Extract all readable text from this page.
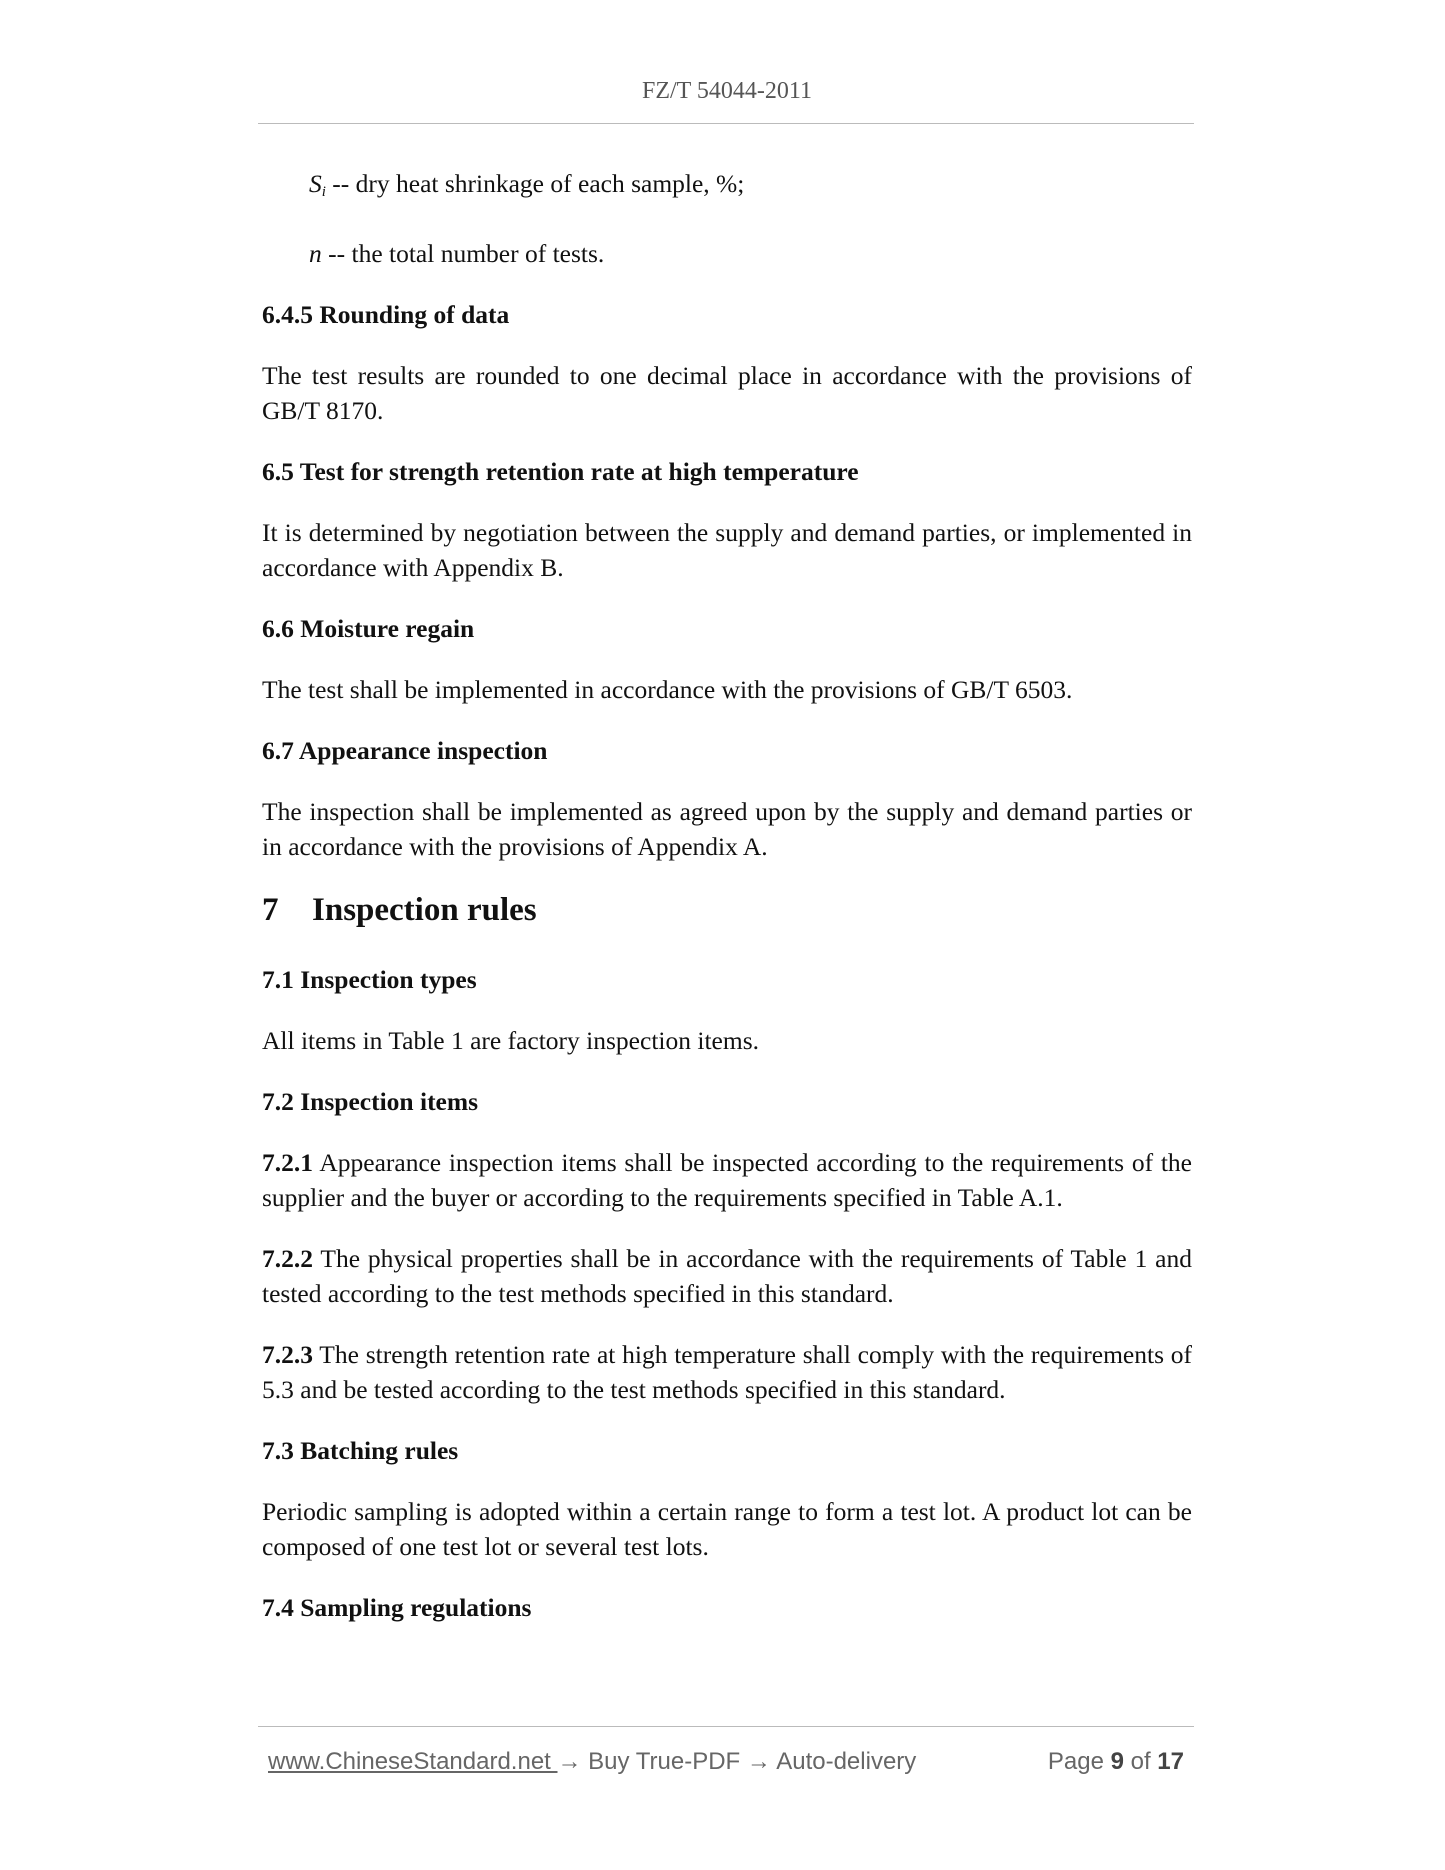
FZ/T 54044-2011
$S_i$ -- dry heat shrinkage of each sample, %;
n -- the total number of tests.
6.4.5 Rounding of data

The test results are rounded to one decimal place in accordance with the provisions of GB/T 8170.

6.5 Test for strength retention rate at high temperature

It is determined by negotiation between the supply and demand parties, or implemented in accordance with Appendix B.

6.6 Moisture regain

The test shall be implemented in accordance with the provisions of GB/T 6503.

6.7 Appearance inspection

The inspection shall be implemented as agreed upon by the supply and demand parties or in accordance with the provisions of Appendix A.

7 Inspection rules
7.1 Inspection types

All items in Table 1 are factory inspection items.

7.2 Inspection items

7.2.1 Appearance inspection items shall be inspected according to the requirements of the supplier and the buyer or according to the requirements specified in Table A.1.

7.2.2 The physical properties shall be in accordance with the requirements of Table 1 and tested according to the test methods specified in this standard.

7.2.3 The strength retention rate at high temperature shall comply with the requirements of 5.3 and be tested according to the test methods specified in this standard.

7.3 Batching rules

Periodic sampling is adopted within a certain range to form a test lot. A product lot can be composed of one test lot or several test lots.

7.4 Sampling regulations
www.ChineseStandard.net → Buy True-PDF → Auto-delivery	Page 9 of 17
